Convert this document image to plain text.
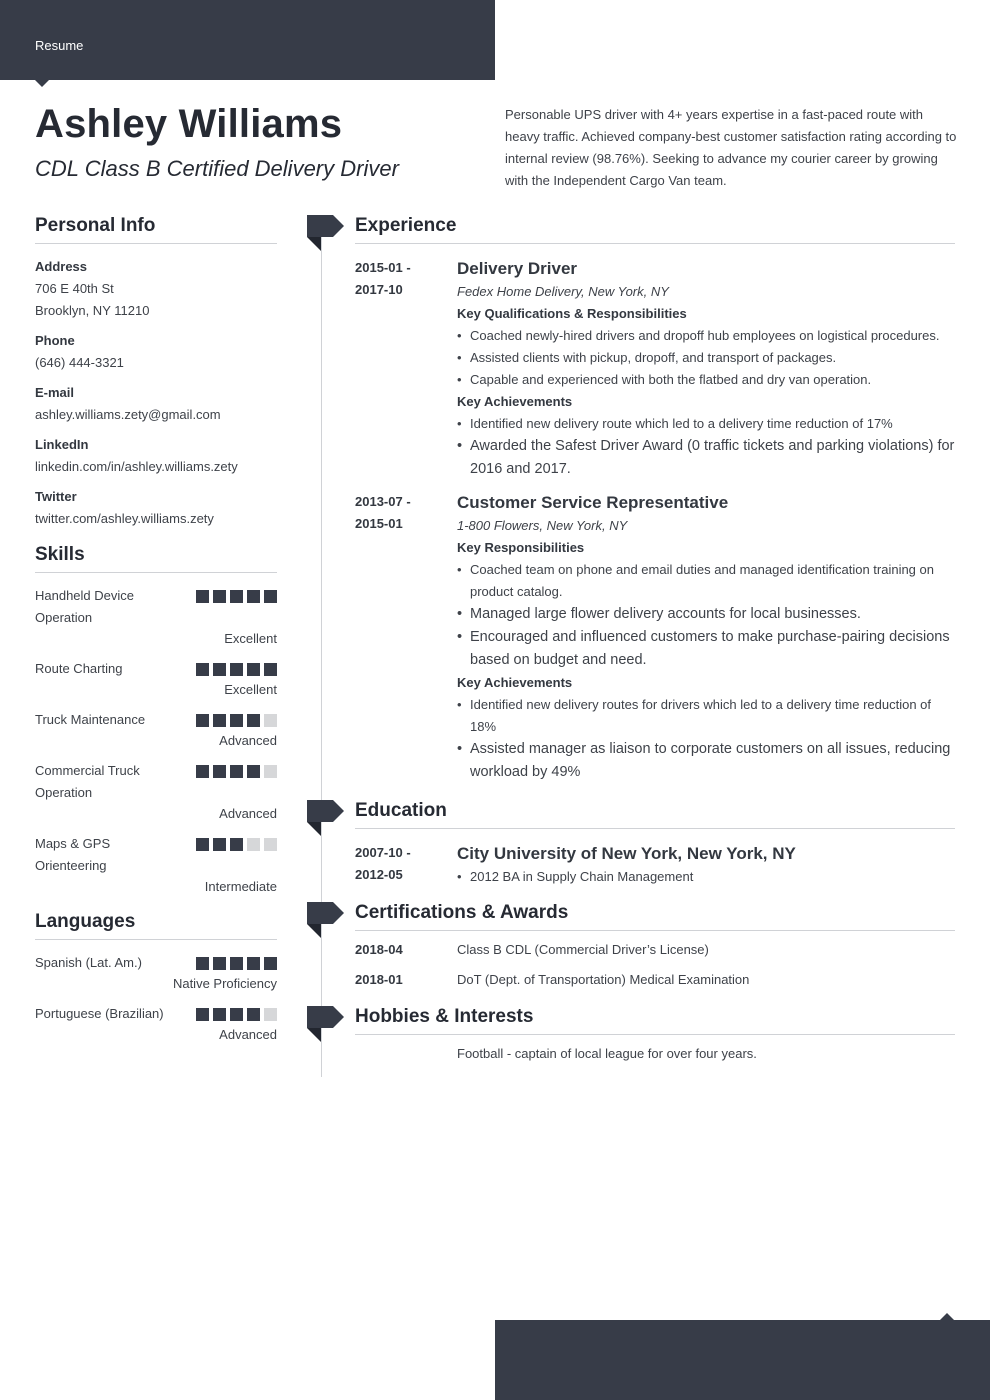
Resume
Ashley Williams
CDL Class B Certified Delivery Driver

Personable UPS driver with 4+ years expertise in a fast-paced route with heavy traffic. Achieved company-best customer satisfaction rating according to internal review (98.76%). Seeking to advance my courier career by growing with the Independent Cargo Van team.

Personal Info
Address
706 E 40th St
Brooklyn, NY 11210
Phone
(646) 444-3321
E-mail
ashley.williams.zety@gmail.com
LinkedIn
linkedin.com/in/ashley.williams.zety
Twitter
twitter.com/ashley.williams.zety
Skills
Handheld Device Operation
Excellent
Route Charting
Excellent
Truck Maintenance
Advanced
Commercial Truck Operation
Advanced
Maps & GPS Orienteering
Intermediate
Languages
Spanish (Lat. Am.)
Native Proficiency
Portuguese (Brazilian)
Advanced
Experience
2015-01 -
2017-10
Delivery Driver
Fedex Home Delivery, New York, NY
Key Qualifications & Responsibilities
• Coached newly-hired drivers and dropoff hub employees on logistical procedures.
• Assisted clients with pickup, dropoff, and transport of packages.
• Capable and experienced with both the flatbed and dry van operation.
Key Achievements
• Identified new delivery route which led to a delivery time reduction of 17%
• Awarded the Safest Driver Award (0 traffic tickets and parking violations) for 2016 and 2017.
2013-07 -
2015-01
Customer Service Representative
1-800 Flowers, New York, NY
Key Responsibilities
• Coached team on phone and email duties and managed identification training on product catalog.
• Managed large flower delivery accounts for local businesses.
• Encouraged and influenced customers to make purchase-pairing decisions based on budget and need.
Key Achievements
• Identified new delivery routes for drivers which led to a delivery time reduction of 18%
• Assisted manager as liaison to corporate customers on all issues, reducing workload by 49%
Education
2007-10 -
2012-05
City University of New York, New York, NY
• 2012 BA in Supply Chain Management
Certifications & Awards
2018-04	Class B CDL (Commercial Driver’s License)
2018-01	DoT (Dept. of Transportation) Medical Examination
Hobbies & Interests
Football - captain of local league for over four years.
